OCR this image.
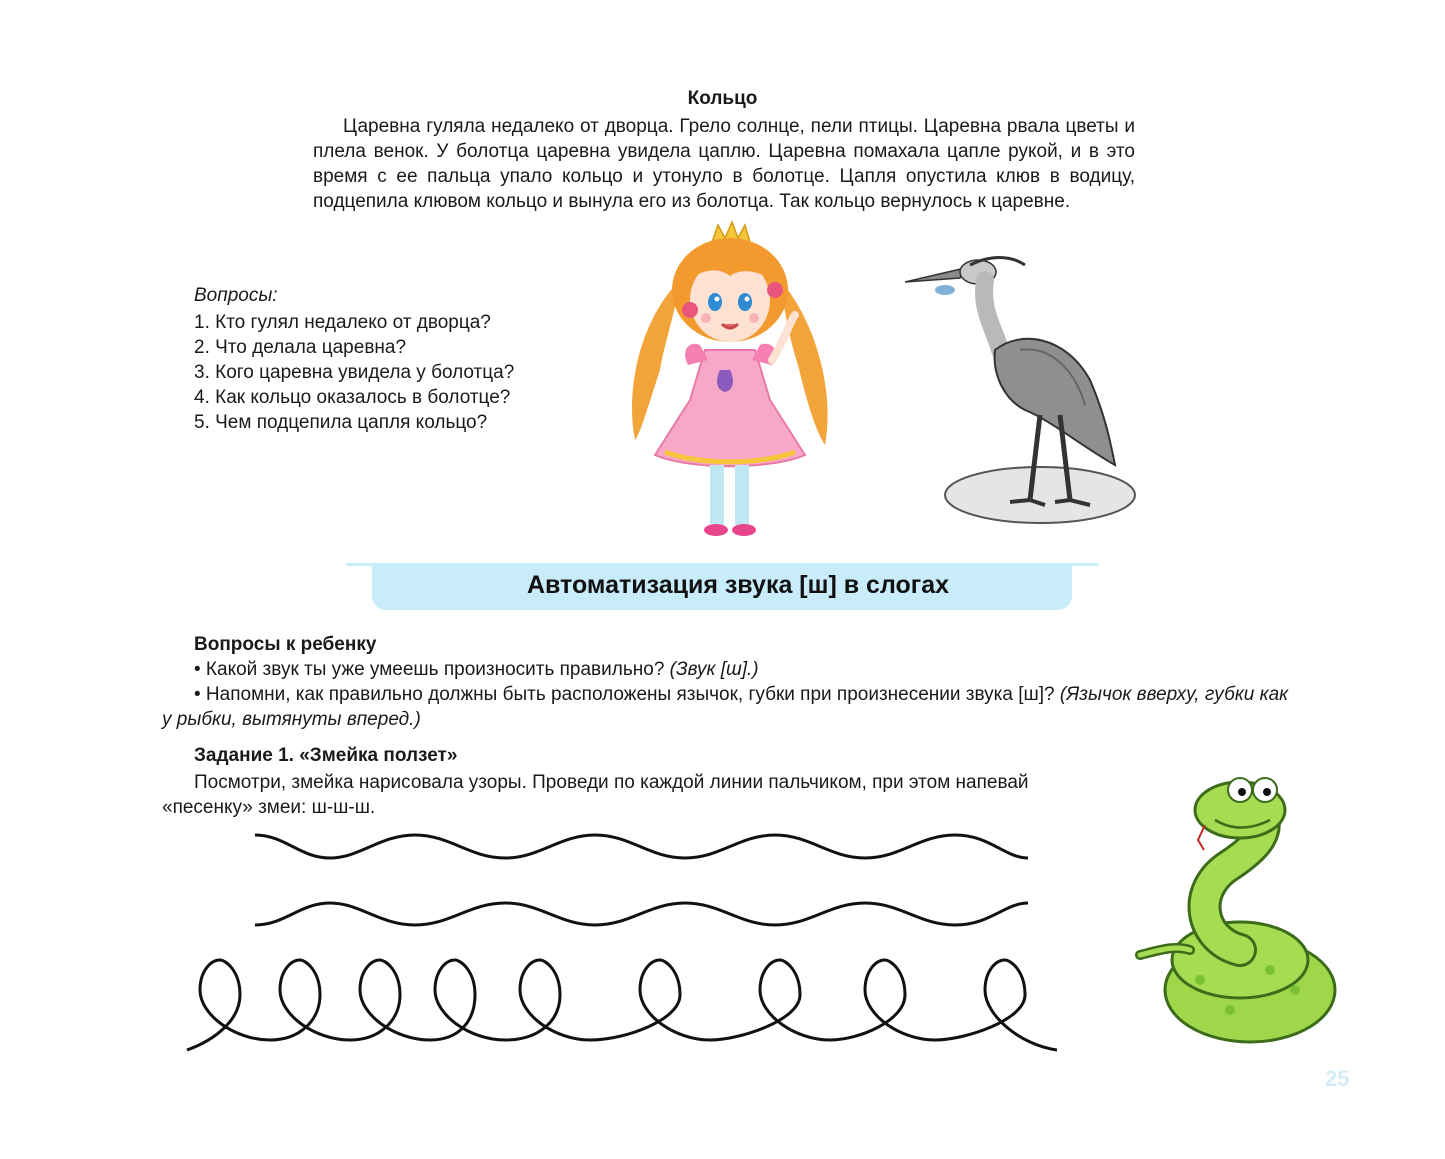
Кольцо

Царевна гуляла недалеко от дворца. Грело солнце, пели птицы. Царевна рвала цветы и плела венок. У болотца царевна увидела цаплю. Царевна помахала цапле рукой, и в это время с ее пальца упало кольцо и утонуло в болотце. Цапля опустила клюв в водицу, подцепила клювом кольцо и вынула его из болотца. Так кольцо вернулось к царевне.

Вопросы:
1. Кто гулял недалеко от дворца?
2. Что делала царевна?
3. Кого царевна увидела у болотца?
4. Как кольцо оказалось в болотце?
5. Чем подцепила цапля кольцо?
Автоматизация звука [ш] в слогах
Вопросы к ребенку
• Какой звук ты уже умеешь произносить правильно? (Звук [ш].)
• Напомни, как правильно должны быть расположены язычок, губки при произнесении звука [ш]? (Язычок вверху, губки как у рыбки, вытянуты вперед.)
Задание 1. «Змейка ползет»
Посмотри, змейка нарисовала узоры. Проведи по каждой линии пальчиком, при этом напевай «песенку» змеи: ш-ш-ш.
25
